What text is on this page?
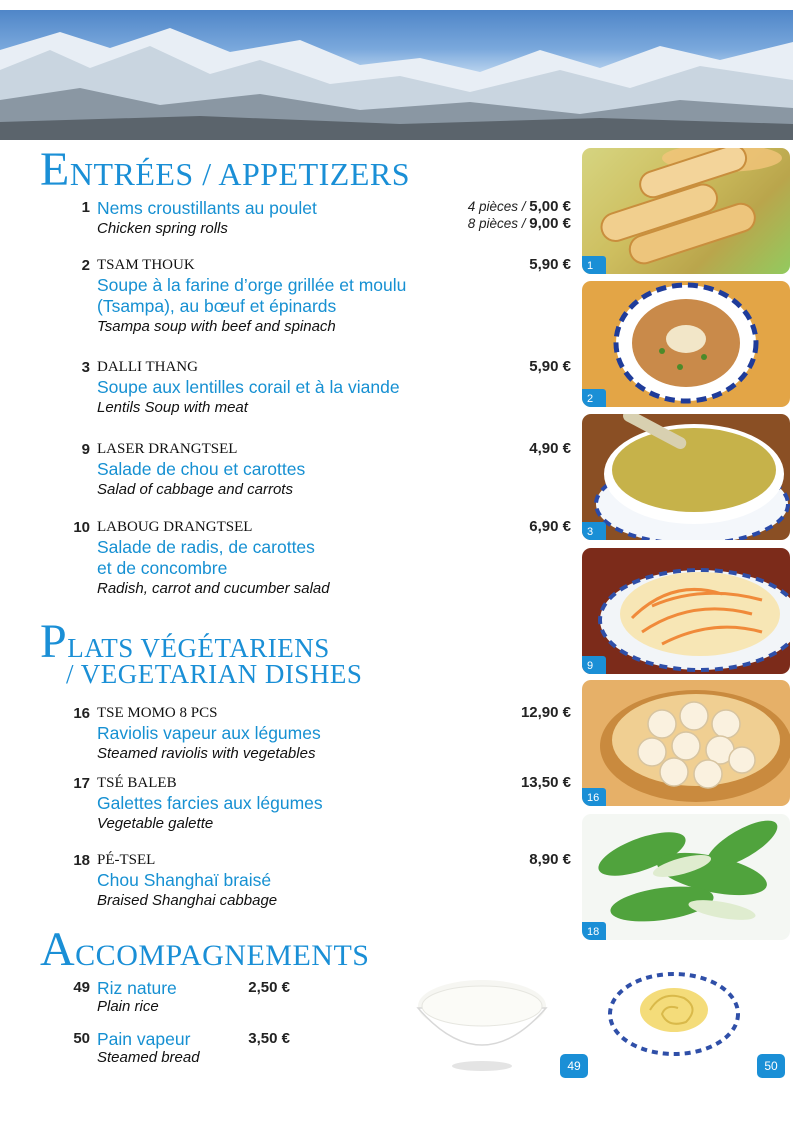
ENTRÉES / APPETIZERS
1 Nems croustillants au poulet
Chicken spring rolls
4 pièces / 5,00 €
8 pièces / 9,00 €
2 TSAM THOUK
Soupe à la farine d’orge grillée et moulu
(Tsampa), au bœuf et épinards
Tsampa soup with beef and spinach
5,90 €
3 DALLI THANG
Soupe aux lentilles corail et à la viande
Lentils Soup with meat
5,90 €
9 LASER DRANGTSEL
Salade de chou et carottes
Salad of cabbage and carrots
4,90 €
10 LABOUG DRANGTSEL
Salade de radis, de carottes
et de concombre
Radish, carrot and cucumber salad
6,90 €
PLATS VÉGÉTARIENS
/ VEGETARIAN DISHES
16 TSE MOMO 8 PCS
Raviolis vapeur aux légumes
Steamed raviolis with vegetables
12,90 €
17 TSÉ BALEB
Galettes farcies aux légumes
Vegetable galette
13,50 €
18 PÉ-TSEL
Chou Shanghaï braisé
Braised Shanghai cabbage
8,90 €
ACCOMPAGNEMENTS
49 Riz nature
Plain rice
2,50 €
50 Pain vapeur
Steamed bread
3,50 €
1
2
3
9
16
18
49	50
